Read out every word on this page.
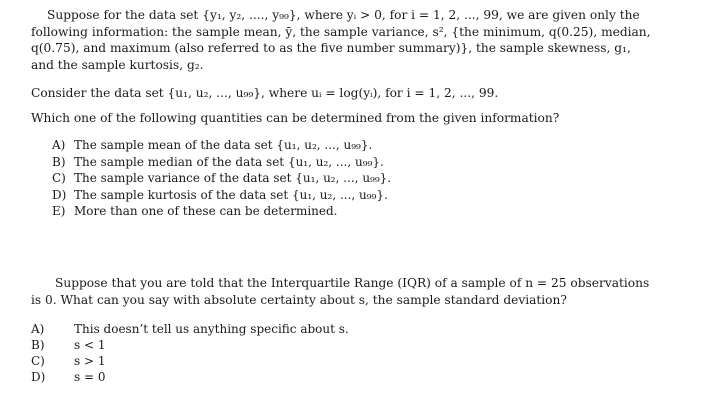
Suppose for the data set {y₁, y₂, ...., y₉₉}, where yᵢ > 0, for i = 1, 2, ..., 99, we are given only the
following information: the sample mean, ȳ, the sample variance, s², {the minimum, q(0.25), median,
q(0.75), and maximum (also referred to as the five number summary)}, the sample skewness, g₁,
and the sample kurtosis, g₂.
Consider the data set {u₁, u₂, ..., u₉₉}, where uᵢ = log(yᵢ), for i = 1, 2, ..., 99.
Which one of the following quantities can be determined from the given information?
A) The sample mean of the data set {u₁, u₂, ..., u₉₉}.
B) The sample median of the data set {u₁, u₂, ..., u₉₉}.
C) The sample variance of the data set {u₁, u₂, ..., u₉₉}.
D) The sample kurtosis of the data set {u₁, u₂, ..., u₉₉}.
E) More than one of these can be determined.
Suppose that you are told that the Interquartile Range (IQR) of a sample of n = 25 observations
is 0. What can you say with absolute certainty about s, the sample standard deviation?
A)	This doesn’t tell us anything specific about s.
B)	s < 1
C)	s > 1
D)	s = 0
